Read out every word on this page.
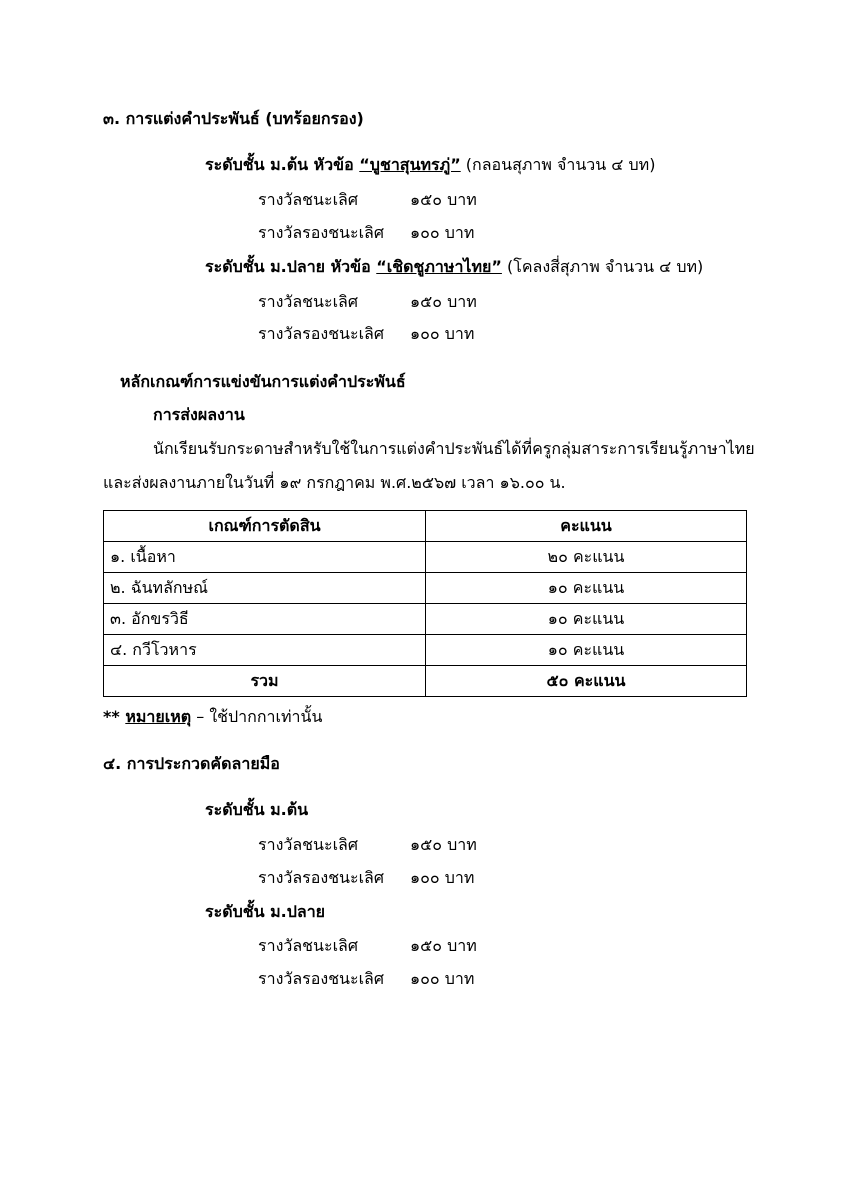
๓. การแต่งคำประพันธ์ (บทร้อยกรอง)
ระดับชั้น ม.ต้น หัวข้อ “บูชาสุนทรภู่” (กลอนสุภาพ จำนวน ๔ บท)
รางวัลชนะเลิศ	๑๕๐ บาท
รางวัลรองชนะเลิศ ๑๐๐ บาท
ระดับชั้น ม.ปลาย หัวข้อ “เชิดชูภาษาไทย” (โคลงสี่สุภาพ จำนวน ๔ บท)
รางวัลชนะเลิศ	๑๕๐ บาท
รางวัลรองชนะเลิศ ๑๐๐ บาท
หลักเกณฑ์การแข่งขันการแต่งคำประพันธ์
การส่งผลงาน
นักเรียนรับกระดาษสำหรับใช้ในการแต่งคำประพันธ์ได้ที่ครูกลุ่มสาระการเรียนรู้ภาษาไทย
และส่งผลงานภายในวันที่ ๑๙ กรกฎาคม พ.ศ.๒๕๖๗ เวลา ๑๖.๐๐ น.
เกณฑ์การตัดสิน	คะแนน
๑. เนื้อหา	๒๐ คะแนน
๒. ฉันทลักษณ์	๑๐ คะแนน
๓. อักขรวิธี	๑๐ คะแนน
๔. กวีโวหาร	๑๐ คะแนน
รวม	๕๐ คะแนน
** หมายเหตุ – ใช้ปากกาเท่านั้น
๔. การประกวดคัดลายมือ
ระดับชั้น ม.ต้น
รางวัลชนะเลิศ	๑๕๐ บาท
รางวัลรองชนะเลิศ ๑๐๐ บาท
ระดับชั้น ม.ปลาย
รางวัลชนะเลิศ	๑๕๐ บาท
รางวัลรองชนะเลิศ ๑๐๐ บาท
